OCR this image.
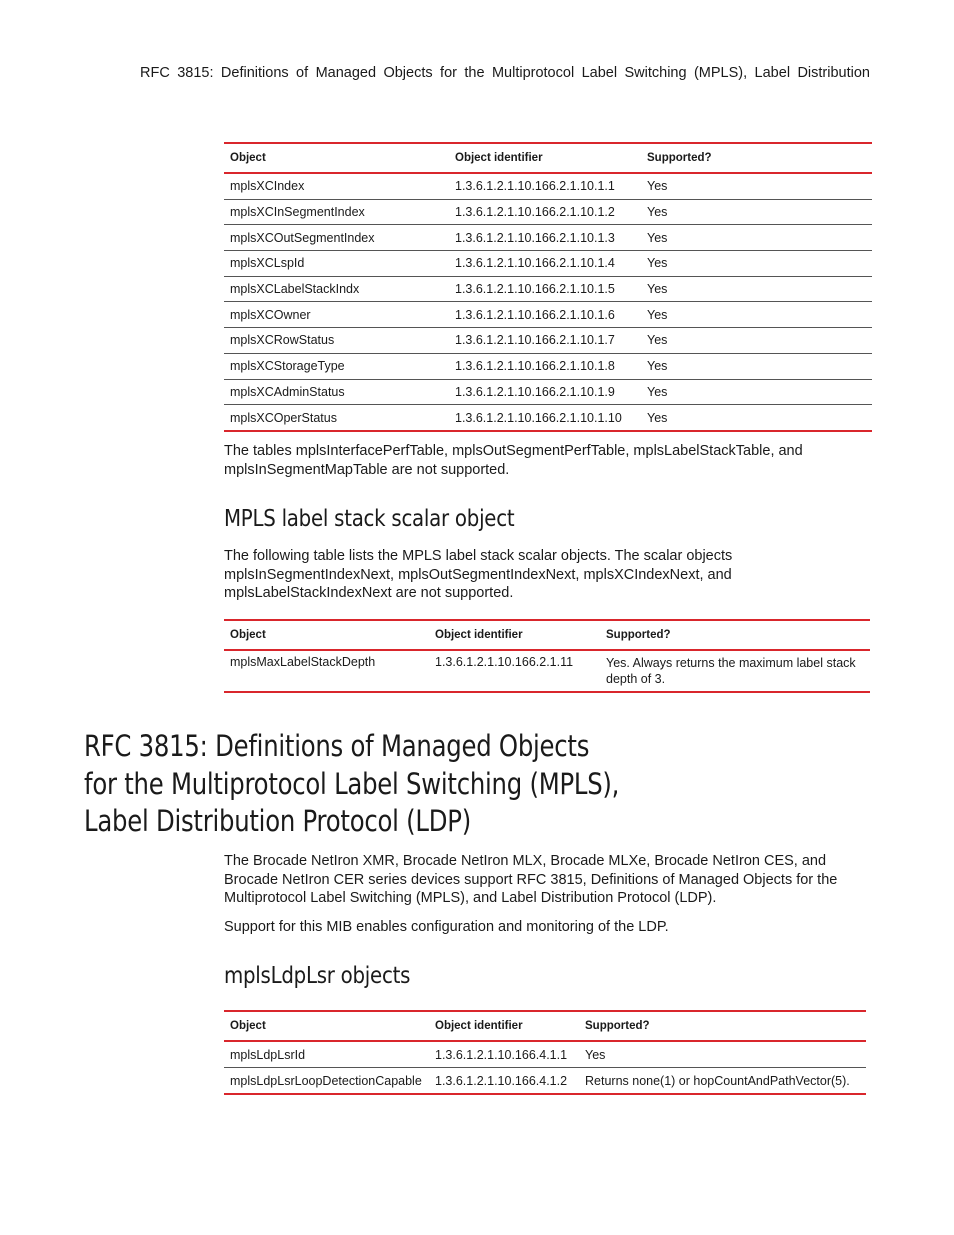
RFC 3815: Definitions of Managed Objects for the Multiprotocol Label Switching (MPLS), Label Distribution
Object	Object identifier	Supported?
mplsXCIndex	1.3.6.1.2.1.10.166.2.1.10.1.1	Yes
mplsXCInSegmentIndex	1.3.6.1.2.1.10.166.2.1.10.1.2	Yes
mplsXCOutSegmentIndex	1.3.6.1.2.1.10.166.2.1.10.1.3	Yes
mplsXCLspId	1.3.6.1.2.1.10.166.2.1.10.1.4	Yes
mplsXCLabelStackIndx	1.3.6.1.2.1.10.166.2.1.10.1.5	Yes
mplsXCOwner	1.3.6.1.2.1.10.166.2.1.10.1.6	Yes
mplsXCRowStatus	1.3.6.1.2.1.10.166.2.1.10.1.7	Yes
mplsXCStorageType	1.3.6.1.2.1.10.166.2.1.10.1.8	Yes
mplsXCAdminStatus	1.3.6.1.2.1.10.166.2.1.10.1.9	Yes
mplsXCOperStatus	1.3.6.1.2.1.10.166.2.1.10.1.10	Yes

The tables mplsInterfacePerfTable, mplsOutSegmentPerfTable, mplsLabelStackTable, and mplsInSegmentMapTable are not supported.

MPLS label stack scalar object

The following table lists the MPLS label stack scalar objects. The scalar objects mplsInSegmentIndexNext, mplsOutSegmentIndexNext, mplsXCIndexNext, and mplsLabelStackIndexNext are not supported.

Object	Object identifier	Supported?
mplsMaxLabelStackDepth	1.3.6.1.2.1.10.166.2.1.11	Yes. Always returns the maximum label stack depth of 3.
RFC 3815: Definitions of Managed Objects
for the Multiprotocol Label Switching (MPLS),
Label Distribution Protocol (LDP)

The Brocade NetIron XMR, Brocade NetIron MLX, Brocade MLXe, Brocade NetIron CES, and Brocade NetIron CER series devices support RFC 3815, Definitions of Managed Objects for the Multiprotocol Label Switching (MPLS), and Label Distribution Protocol (LDP).

Support for this MIB enables configuration and monitoring of the LDP.

mplsLdpLsr objects
Object	Object identifier	Supported?
mplsLdpLsrId	1.3.6.1.2.1.10.166.4.1.1	Yes
mplsLdpLsrLoopDetectionCapable	1.3.6.1.2.1.10.166.4.1.2	Returns none(1) or hopCountAndPathVector(5).
